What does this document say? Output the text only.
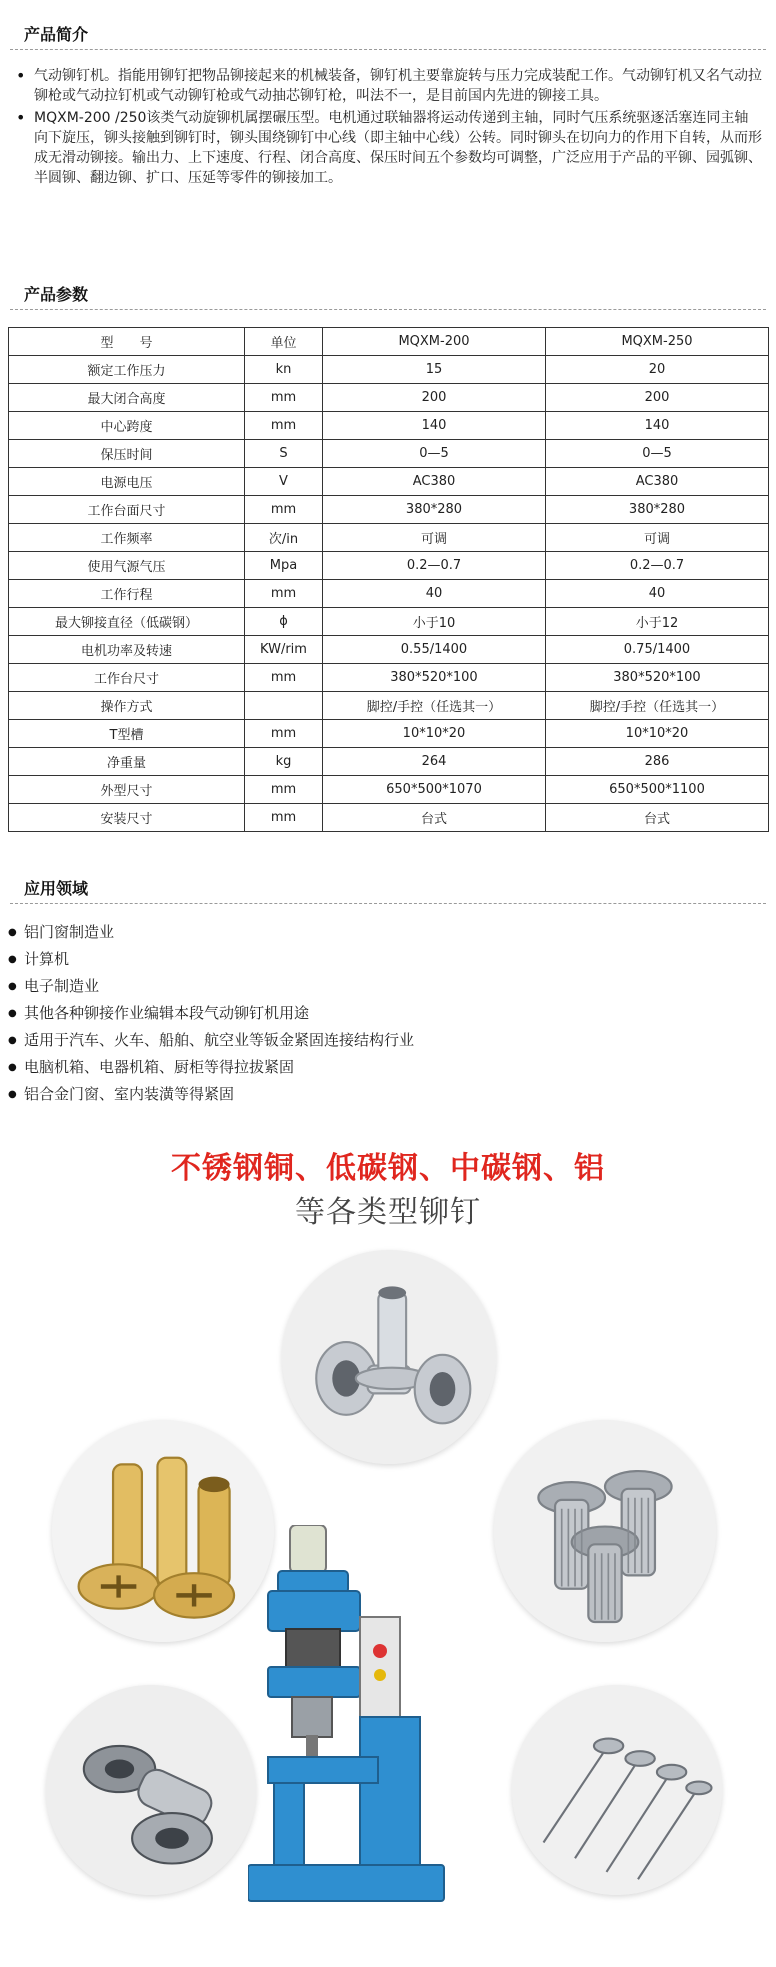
产品简介
• 气动铆钉机。指能用铆钉把物品铆接起来的机械装备，铆钉机主要靠旋转与压力完成装配工作。气动铆钉机又名气动拉铆枪或气动拉钉机或气动铆钉枪或气动抽芯铆钉枪，叫法不一，是目前国内先进的铆接工具。
• MQXM-200 /250该类气动旋铆机属摆碾压型。电机通过联轴器将运动传递到主轴，同时气压系统驱逐活塞连同主轴向下旋压，铆头接触到铆钉时，铆头围绕铆钉中心线（即主轴中心线）公转。同时铆头在切向力的作用下自转，从而形成无滑动铆接。输出力、上下速度、行程、闭合高度、保压时间五个参数均可调整，广泛应用于产品的平铆、园弧铆、半圆铆、翻边铆、扩口、压延等零件的铆接加工。
产品参数
型　　号	单位	MQXM-200	MQXM-250
额定工作压力	kn	15	20
最大闭合高度	mm	200	200
中心跨度	mm	140	140
保压时间	S	0—5	0—5
电源电压	V	AC380	AC380
工作台面尺寸	mm	380*280	380*280
工作频率	次/in	可调	可调
使用气源气压	Mpa	0.2—0.7	0.2—0.7
工作行程	mm	40	40
最大铆接直径（低碳钢）	ϕ	小于10	小于12
电机功率及转速	KW/rim	0.55/1400	0.75/1400
工作台尺寸	mm	380*520*100	380*520*100
操作方式		脚控/手控（任选其一）	脚控/手控（任选其一）
T型槽	mm	10*10*20	10*10*20
净重量	kg	264	286
外型尺寸	mm	650*500*1070	650*500*1100
安装尺寸	mm	台式	台式
应用领域
● 铝门窗制造业
● 计算机
● 电子制造业
● 其他各种铆接作业编辑本段气动铆钉机用途
● 适用于汽车、火车、船舶、航空业等钣金紧固连接结构行业
● 电脑机箱、电器机箱、厨柜等得拉拔紧固
● 铝合金门窗、室内装潢等得紧固
不锈钢铜、低碳钢、中碳钢、铝
等各类型铆钉
